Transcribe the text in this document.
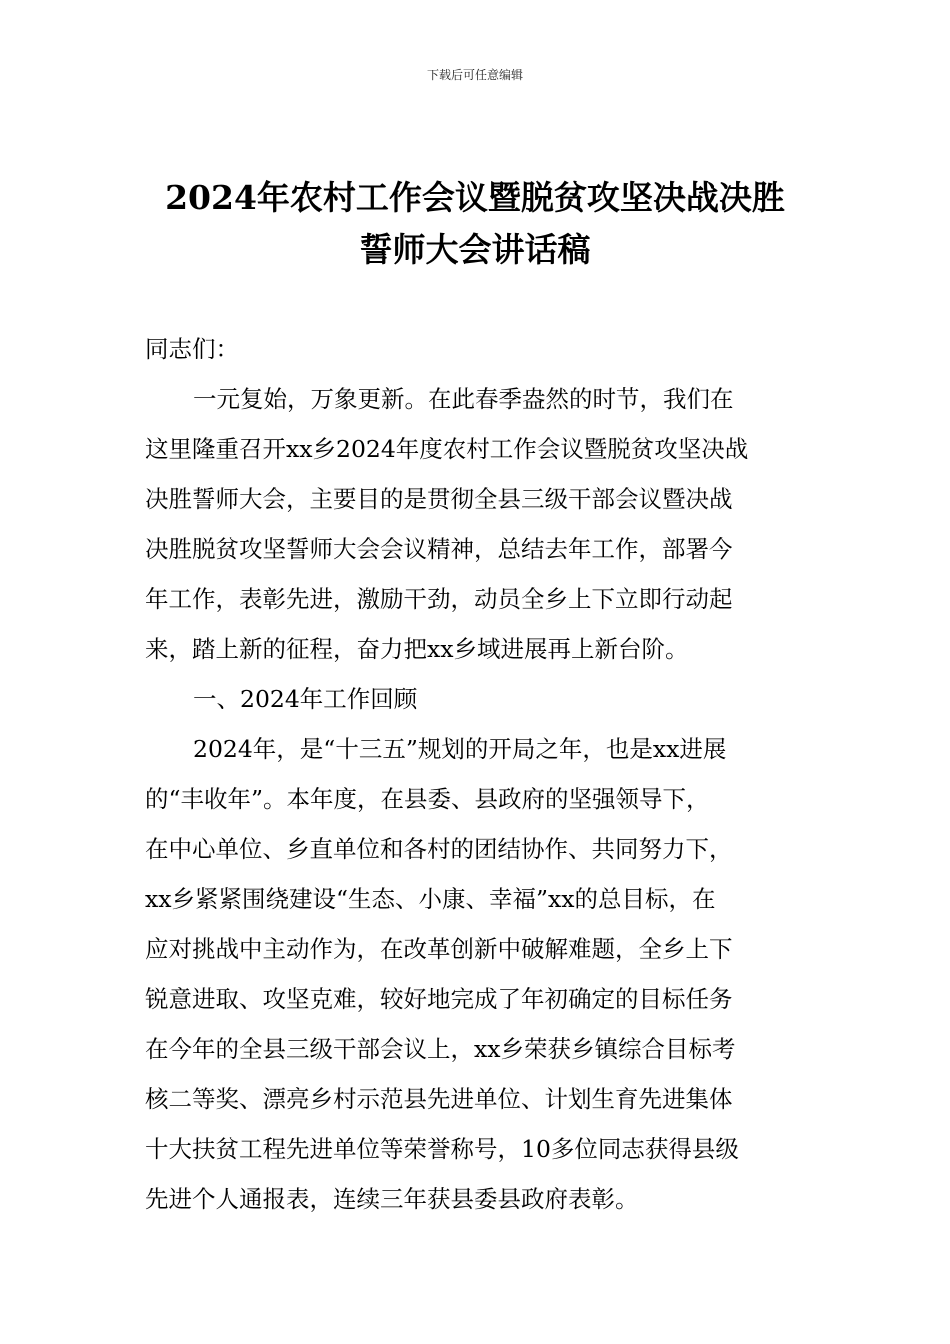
下载后可任意编辑
2024年农村工作会议暨脱贫攻坚决战决胜
誓师大会讲话稿
同志们：
一元复始，万象更新。在此春季盎然的时节，我们在
这里隆重召开xx乡2024年度农村工作会议暨脱贫攻坚决战
决胜誓师大会，主要目的是贯彻全县三级干部会议暨决战
决胜脱贫攻坚誓师大会会议精神，总结去年工作，部署今
年工作，表彰先进，激励干劲，动员全乡上下立即行动起
来，踏上新的征程，奋力把xx乡域进展再上新台阶。
一、2024年工作回顾
2024年，是“十三五”规划的开局之年，也是xx进展
的“丰收年”。本年度，在县委、县政府的坚强领导下，
在中心单位、乡直单位和各村的团结协作、共同努力下，
xx乡紧紧围绕建设“生态、小康、幸福”xx的总目标，在
应对挑战中主动作为，在改革创新中破解难题，全乡上下
锐意进取、攻坚克难，较好地完成了年初确定的目标任务
在今年的全县三级干部会议上，xx乡荣获乡镇综合目标考
核二等奖、漂亮乡村示范县先进单位、计划生育先进集体
十大扶贫工程先进单位等荣誉称号，10多位同志获得县级
先进个人通报表，连续三年获县委县政府表彰。
